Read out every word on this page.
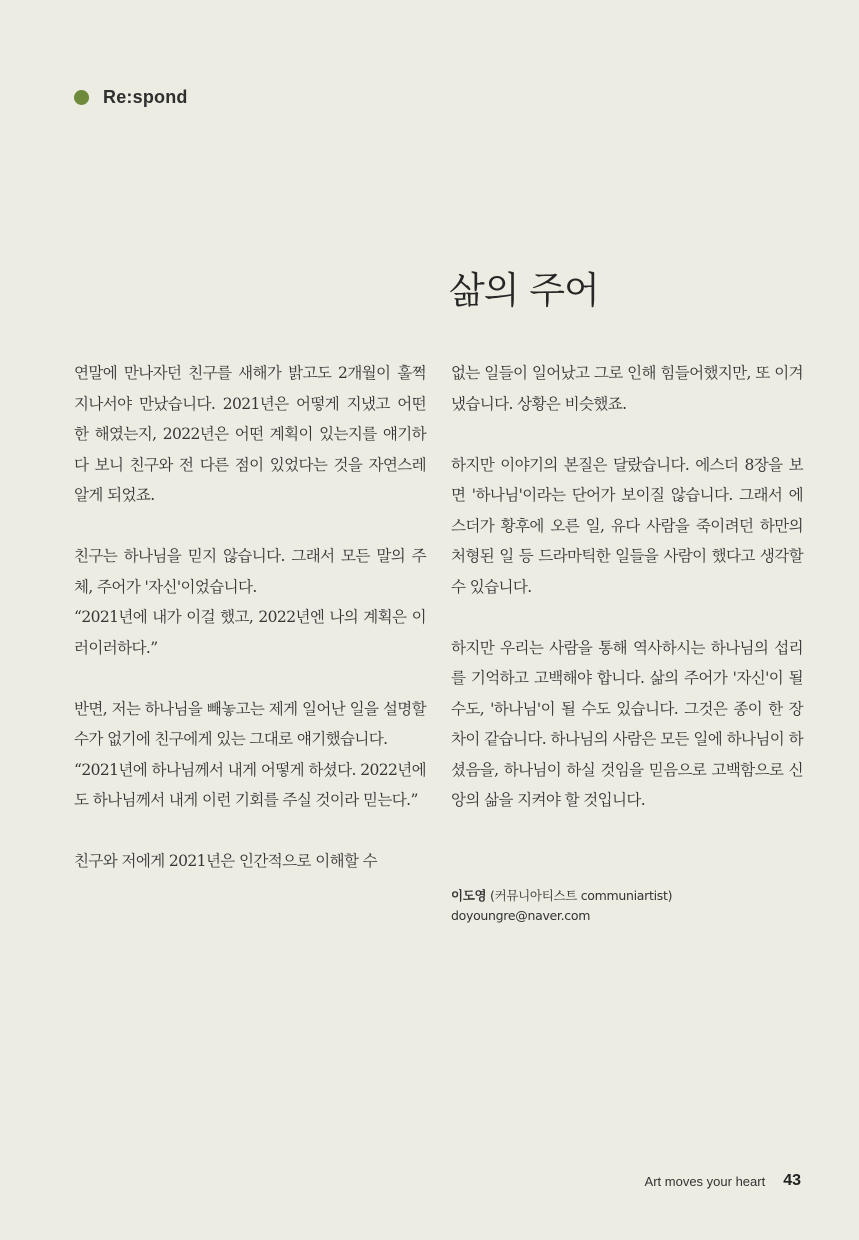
Re:spond
삶의 주어

연말에 만나자던 친구를 새해가 밝고도 2개월이 훌쩍 지나서야 만났습니다. 2021년은 어떻게 지냈고 어떤 한 해였는지, 2022년은 어떤 계획이 있는지를 얘기하다 보니 친구와 전 다른 점이 있었다는 것을 자연스레 알게 되었죠.

친구는 하나님을 믿지 않습니다. 그래서 모든 말의 주체, 주어가 '자신'이었습니다.

“2021년에 내가 이걸 했고, 2022년엔 나의 계획은 이러이러하다.”

반면, 저는 하나님을 빼놓고는 제게 일어난 일을 설명할 수가 없기에 친구에게 있는 그대로 얘기했습니다.

“2021년에 하나님께서 내게 어떻게 하셨다. 2022년에도 하나님께서 내게 이런 기회를 주실 것이라 믿는다.”

친구와 저에게 2021년은 인간적으로 이해할 수

없는 일들이 일어났고 그로 인해 힘들어했지만, 또 이겨냈습니다. 상황은 비슷했죠.

하지만 이야기의 본질은 달랐습니다. 에스더 8장을 보면 '하나님'이라는 단어가 보이질 않습니다. 그래서 에스더가 황후에 오른 일, 유다 사람을 죽이려던 하만의 처형된 일 등 드라마틱한 일들을 사람이 했다고 생각할 수 있습니다.

하지만 우리는 사람을 통해 역사하시는 하나님의 섭리를 기억하고 고백해야 합니다. 삶의 주어가 '자신'이 될 수도, '하나님'이 될 수도 있습니다. 그것은 종이 한 장 차이 같습니다. 하나님의 사람은 모든 일에 하나님이 하셨음을, 하나님이 하실 것임을 믿음으로 고백함으로 신앙의 삶을 지켜야 할 것입니다.

이도영 (커뮤니아티스트 communiartist)
doyoungre@naver.com
Art moves your heart 43
